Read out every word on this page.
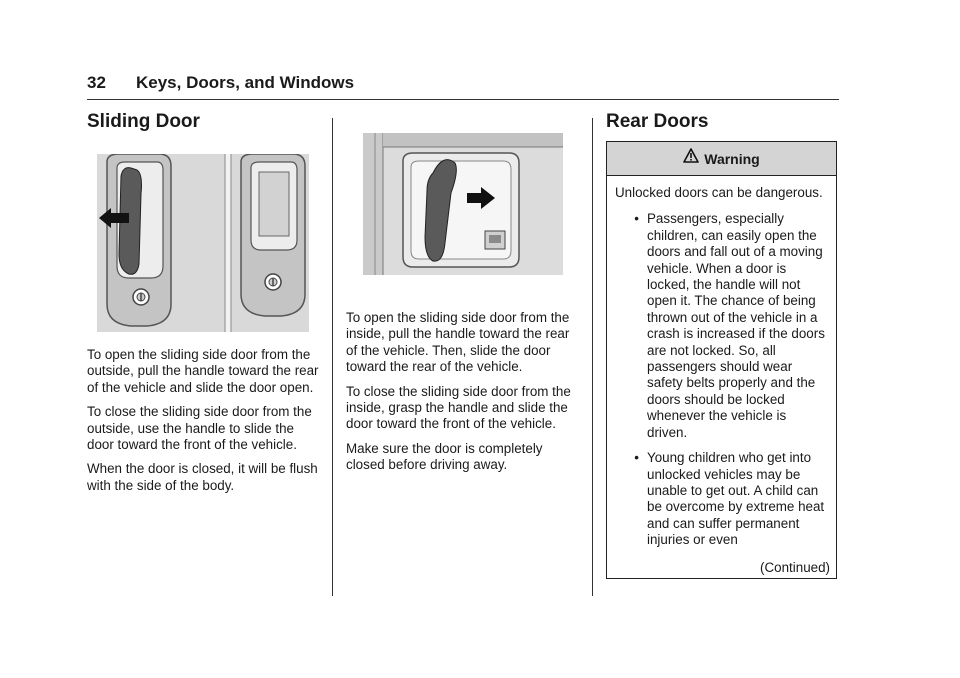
32 Keys, Doors, and Windows
Sliding Door

To open the sliding side door from the outside, pull the handle toward the rear of the vehicle and slide the door open.

To close the sliding side door from the outside, use the handle to slide the door toward the front of the vehicle.

When the door is closed, it will be flush with the side of the body.

To open the sliding side door from the inside, pull the handle toward the rear of the vehicle. Then, slide the door toward the rear of the vehicle.

To close the sliding side door from the inside, grasp the handle and slide the door toward the front of the vehicle.

Make sure the door is completely closed before driving away.

Rear Doors
Warning

Unlocked doors can be dangerous.

• Passengers, especially children, can easily open the doors and fall out of a moving vehicle. When a door is locked, the handle will not open it. The chance of being thrown out of the vehicle in a crash is increased if the doors are not locked. So, all passengers should wear safety belts properly and the doors should be locked whenever the vehicle is driven.
• Young children who get into unlocked vehicles may be unable to get out. A child can be overcome by extreme heat and can suffer permanent injuries or even
(Continued)
